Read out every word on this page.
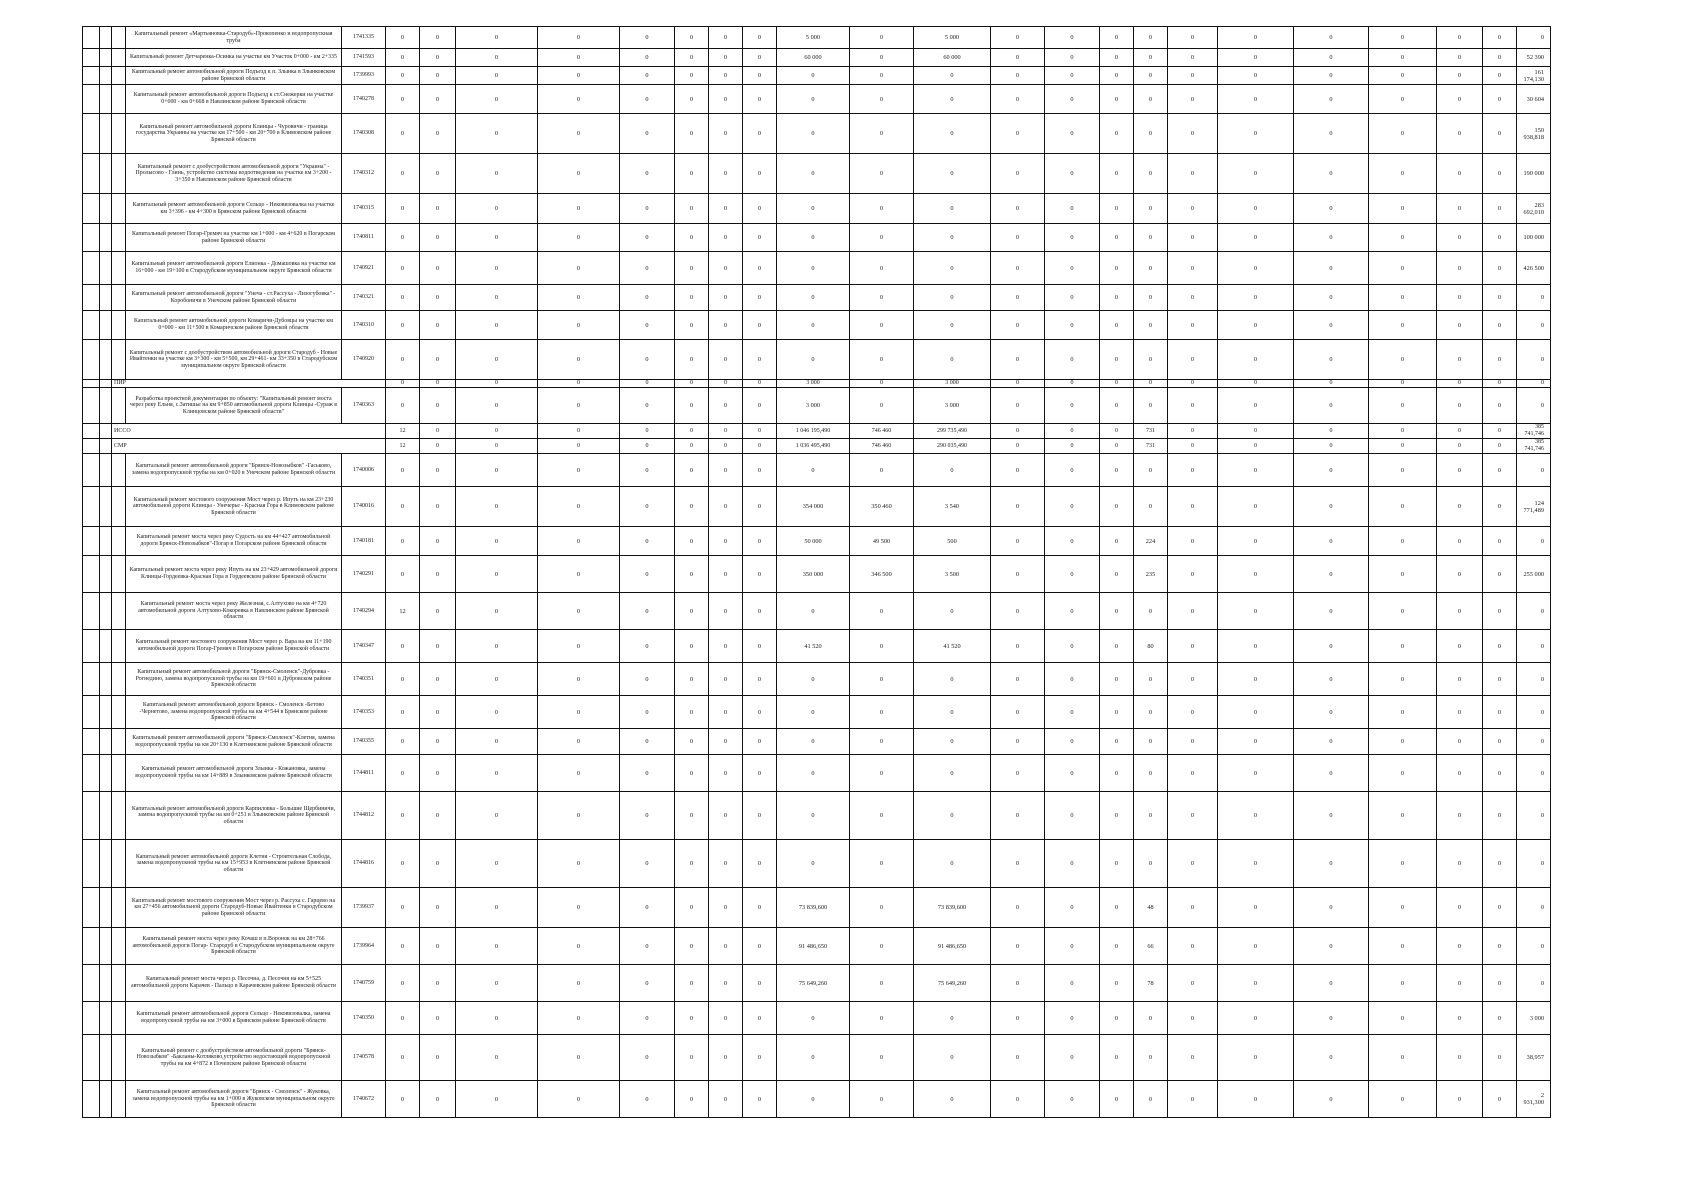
			Капитальный ремонт «Мартьяновка-Стародуб»-Прокопенко и водопропускная труба	1741335	0	0	0	0	0	0	0	0	5 000	0	5 000	0	0	0	0	0	0	0	0	0	0	0
			Капитальный ремонт Детчаренка-Осинка на участке км Участок 0+000 - км 2+335	1741593	0	0	0	0	0	0	0	0	60 000	0	60 000	0	0	0	0	0	0	0	0	0	0	52 390
			Капитальный ремонт автомобильной дороги Подъезд к п. Злынка в Злынковском районе Брянской области	1739993	0	0	0	0	0	0	0	0	0	0	0	0	0	0	0	0	0	0	0	0	0	161 174,130
			Капитальный ремонт автомобильной дороги Подъезд к ст.Снежерки на участке 0+000 - км 0+668 в Навлинском районе Брянской области	1740278	0	0	0	0	0	0	0	0	0	0	0	0	0	0	0	0	0	0	0	0	0	30 604
			Капитальный ремонт автомобильной дороги Клинцы - Чуровичи - граница государства Украины на участке км 17+500 - км 20+700 в Климовском районе Брянской области	1740308	0	0	0	0	0	0	0	0	0	0	0	0	0	0	0	0	0	0	0	0	0	150 938,818
			Капитальный ремонт с дообустройством автомобильной дороги "Украина" - Пролысово - Глинь, устройство системы водоотведения на участке км 3+200 - 3+350 в Навлинском районе Брянской области	1740312	0	0	0	0	0	0	0	0	0	0	0	0	0	0	0	0	0	0	0	0	0	190 000
			Капитальный ремонт автомобильной дороги Сельцо - Нековизовалка на участке км 3+396 - км 4+300 в Брянском районе Брянской области	1740315	0	0	0	0	0	0	0	0	0	0	0	0	0	0	0	0	0	0	0	0	0	283 692,010
			Капитальный ремонт Погар-Гремяч на участке км 1+000 - км 4+620 в Погарском районе Брянской области	1740811	0	0	0	0	0	0	0	0	0	0	0	0	0	0	0	0	0	0	0	0	0	100 000
			Капитальный ремонт автомобильной дороги Елионка - Домашовка на участке км 16+000 - км 19+100 в Стародубском муниципальном округе Брянской области	1740921	0	0	0	0	0	0	0	0	0	0	0	0	0	0	0	0	0	0	0	0	0	426 500
			Капитальный ремонт автомобильной дороги "Унеча - ст.Рассуха - Лизогубовка" - Коробоничи в Унечском районе Брянской области	1740321	0	0	0	0	0	0	0	0	0	0	0	0	0	0	0	0	0	0	0	0	0	0
			Капитальный ремонт автомобильной дороги Комаричи-Дубовцы на участке км 0+000 - км 11+500 в Комаричском районе Брянской области	1740310	0	0	0	0	0	0	0	0	0	0	0	0	0	0	0	0	0	0	0	0	0	0
			Капитальный ремонт с дообустройством автомобильной дороги Стародуб - Новые Ивайтенки на участке км 3+300 - км 5+500, км 29+461- км 33+350 в Стародубском муниципальном округе Брянской области	1740920	0	0	0	0	0	0	0	0	0	0	0	0	0	0	0	0	0	0	0	0	0	0
		ПИР			0	0	0	0	0	0	0	0	3 000	0	3 000	0	0	0	0	0	0	0	0	0	0	0
			Разработка проектной документации по объекту: "Капитальный ремонт моста через реку Ельня, с.Затишье на км 9+850 автомобильной дороги Клинцы -Сураж в Клинцовском районе Брянской области"	1740363	0	0	0	0	0	0	0	0	3 000	0	3 000	0	0	0	0	0	0	0	0	0	0	0
		ИССО			12	0	0	0	0	0	0	0	1 046 195,490	746 460	299 735,490	0	0	0	731	0	0	0	0	0	0	385 741,746
		СМР			12	0	0	0	0	0	0	0	1 036 495,490	746 460	290 035,490	0	0	0	731	0	0	0	0	0	0	385 741,746
			Капитальный ремонт автомобильной дороги "Брянск-Новозыбков" -Гаськово, замена водопропускной трубы на км 0+020 в Унечском районе Брянской области	1740006	0	0	0	0	0	0	0	0	0	0	0	0	0	0	0	0	0	0	0	0	0	0
			Капитальный ремонт мостового сооружения Мост через р. Ипуть на км 23+230 автомобильной дороги Клинцы - Унечерье - Красная Гора в Климовском районе Брянской области	1740016	0	0	0	0	0	0	0	0	354 000	350 460	3 540	0	0	0	0	0	0	0	0	0	0	124 771,489
			Капитальный ремонт моста через реку Судость на км 44+427 автомобильной дороги Брянск-Новозыбков"-Погар в Погарском районе Брянской области	1740181	0	0	0	0	0	0	0	0	50 000	49 500	500	0	0	0	224	0	0	0	0	0	0	0
			Капитальный ремонт моста через реку Ипуть на км 23+429 автомобильной дороги Клинцы-Гордеевка-Красная Гора в Гордеевском районе Брянской области	1740291	0	0	0	0	0	0	0	0	350 000	346 500	3 500	0	0	0	235	0	0	0	0	0	0	255 000
			Капитальный ремонт моста через реку Железная, с.Алтухово на км 4+720 автомобильной дороги Алтухово-Кокоревка в Навлинском районе Брянской области	1740294	12	0	0	0	0	0	0	0	0	0	0	0	0	0	0	0	0	0	0	0	0	0
			Капитальный ремонт мостового сооружения Мост через р. Вара на км 11+190 автомобильной дороги Погар-Гремяч в Погарском районе Брянской области	1740347	0	0	0	0	0	0	0	0	41 520	0	41 520	0	0	0	80	0	0	0	0	0	0	0
			Капитальный ремонт автомобильной дороги "Брянск-Смоленск"-Дубровка - Рогнедино, замена водопропускной трубы на км 19+601 в Дубровском районе Брянской области	1740351	0	0	0	0	0	0	0	0	0	0	0	0	0	0	0	0	0	0	0	0	0	0
			Капитальный ремонт автомобильной дороги Брянск - Смоленск -Бетово -Чернетово, замена водопропускной трубы на км 4+544 в Брянском районе Брянской области	1740353	0	0	0	0	0	0	0	0	0	0	0	0	0	0	0	0	0	0	0	0	0	0
			Капитальный ремонт автомобильной дороги "Брянск-Смоленск"-Клетня, замена водопропускной трубы на км 20+130 в Клетнянском районе Брянской области	1740355	0	0	0	0	0	0	0	0	0	0	0	0	0	0	0	0	0	0	0	0	0	0
			Капитальный ремонт автомобильной дороги Злынка - Кожановка, замена водопропускной трубы на км 14+889 в Злынковском районе Брянской области	1744811	0	0	0	0	0	0	0	0	0	0	0	0	0	0	0	0	0	0	0	0	0	0
			Капитальный ремонт автомобильной дороги Карпиловка - Большие Щербиничи, замена водопропускной трубы на км 0+251 в Злынковском районе Брянской области	1744812	0	0	0	0	0	0	0	0	0	0	0	0	0	0	0	0	0	0	0	0	0	0
			Капитальный ремонт автомобильной дороги Клетня - Строительная Слобода, замена водопропускной трубы на км 15+953 в Клетнянском районе Брянской области	1744816	0	0	0	0	0	0	0	0	0	0	0	0	0	0	0	0	0	0	0	0	0	0
			Капитальный ремонт мостового сооружения Мост через р. Рассуха с. Гарцево на км 27+456 автомобильной дороги Стародуб-Новые Ивайтенки в Стародубском районе Брянской области	1739937	0	0	0	0	0	0	0	0	73 839,600	0	73 839,600	0	0	0	48	0	0	0	0	0	0	0
			Капитальный ремонт моста через реку Кочаш в п.Воронок на км 28+766 автомобильной дороги Погар- Стародуб в Стародубском муниципальном округе Брянской области	1739964	0	0	0	0	0	0	0	0	91 486,650	0	91 486,650	0	0	0	66	0	0	0	0	0	0	0
			Капитальный ремонт моста через р. Песочна, д. Песочня на км 5+525 автомобильной дороги Карачев - Пальцо в Карачевском районе Брянской области	1740759	0	0	0	0	0	0	0	0	75 649,260	0	75 649,260	0	0	0	78	0	0	0	0	0	0	0
			Капитальный ремонт автомобильной дороги Сельцо - Нековизовалка, замена водопропускной трубы на км 3+000 в Брянском районе Брянской области	1740350	0	0	0	0	0	0	0	0	0	0	0	0	0	0	0	0	0	0	0	0	0	3 000
			Капитальный ремонт с дообустройством автомобильной дороги "Брянск-Новозыбков" -Бакланы-Котляково,устройство недостающей водопропускной трубы на км 4+872 в Почепском районе Брянской области	1740578	0	0	0	0	0	0	0	0	0	0	0	0	0	0	0	0	0	0	0	0	0	38,957
			Капитальный ремонт автомобильной дороги "Брянск - Смоленск" - Жуковка, замена водопропускной трубы на км 1+000 в Жуковском муниципальном округе Брянской области	1740672	0	0	0	0	0	0	0	0	0	0	0	0	0	0	0	0	0	0	0	0	0	2 931,300
